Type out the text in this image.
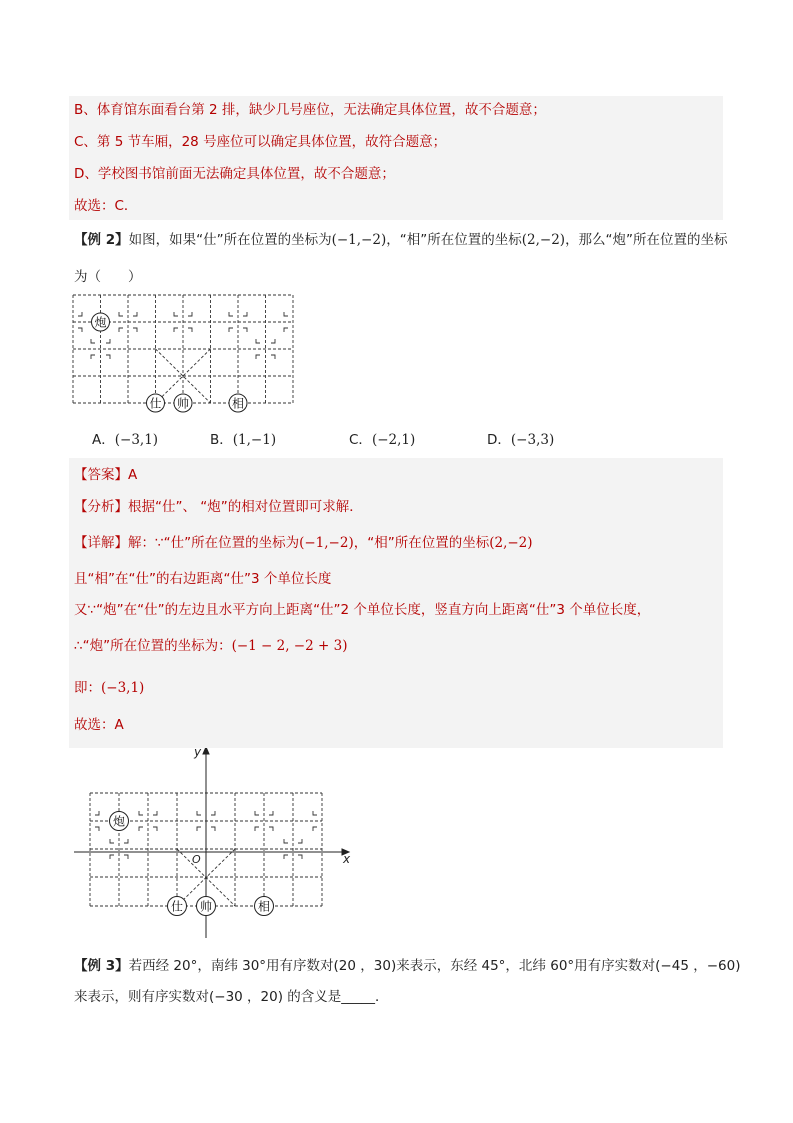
B、体育馆东面看台第 2 排，缺少几号座位，无法确定具体位置，故不合题意；
C、第 5 节车厢，28 号座位可以确定具体位置，故符合题意；
D、学校图书馆前面无法确定具体位置，故不合题意；
故选：C．
【例 2】如图，如果“仕”所在位置的坐标为(−1,−2)，“相”所在位置的坐标(2,−2)，那么“炮”所在位置的坐标
为（　　）
炮
仕 帅	相
A．(−3,1)	B．(1,−1)	C．(−2,1)	D．(−3,3)
【答案】A
【分析】根据“仕”、 “炮”的相对位置即可求解．
【详解】解：∵“仕”所在位置的坐标为(−1,−2)，“相”所在位置的坐标(2,−2)
且“相”在“仕”的右边距离“仕”3 个单位长度
又∵“炮”在“仕”的左边且水平方向上距离“仕”2 个单位长度，竖直方向上距离“仕”3 个单位长度，
∴“炮”所在位置的坐标为：(−1 − 2, −2 + 3)
即：(−3,1)
故选：A
x
y
O
炮
仕 帅	相
【例 3】若西经 20°，南纬 30°用有序数对(20 ，30)来表示，东经 45°，北纬 60°用有序实数对(−45 ，−60)
来表示，则有序实数对(−30 ，20) 的含义是_____．
